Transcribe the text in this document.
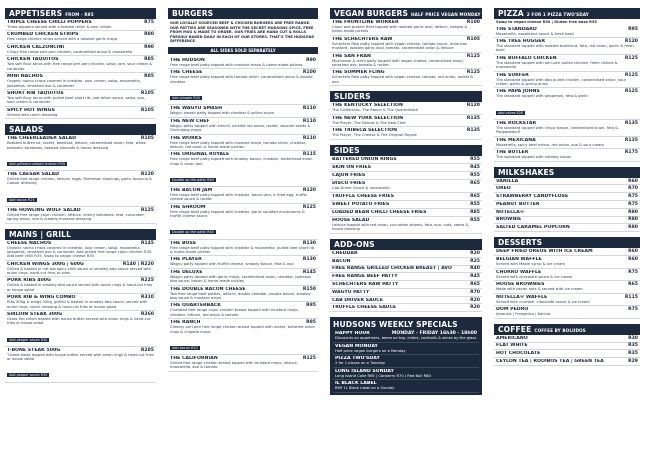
APPETISERS FROM - R85
TRIPLE CHEESE CHILLI POPPERS	R75
Three poppers served with a tomato relish & sour cream
CRUMBED CHICKEN STRIPS	R80
Free range chicken strips served with a roasted garlic mayo
CHICKEN CALZONCINI	R90
Crispy free range peri-peri chicken, caramelised onion & mozzarella
CHICKEN TAQUITOS	R85
Two soft flour tacos with free range peri-peri chicken, salsa, jam, sour cream & coriander
MINI NACHOS	R85
Organic nacho crisps covered in cheddar, sour cream, salsa, mozzarella, jalapeños, smashed avo & coriander
SHORT RIB TAQUITOS	R105
Two soft flour tacos with pulled beef short rib, cab driver sauce, salsa, avo, sour cream & coriander
SPICY HOT WINGS	R105
Served with ranch dressing
SALADS
THE CHEERLEADER SALAD	R105
Roasted butternut, rocket, beetroot, lettuce, caramelised onion, feta, white balsamic tomatoes, toasted almonds & house dressing
Add grilled/crumbed chicken R35
THE CAESAR SALAD	R120
Grilled free range chicken, lettuce, eggs, Parmesan shavings, garlic focaccia & Caesar dressing
Add bacon R25
THE HOWLING WOLF SALAD	R125
Grilled free range cajun chicken, lettuce, cherry tomatoes, feta, cucumber, spring onion, avo & creamy mustard dressing
MAINS | GRILL
CHEESE NACHOS	R145
Organic nacho crisps covered in cheddar, sour cream, salsa, mozzarella, jalapeños, smashed avo & coriander. Add grilled free range cajun chicken R30. Add beef chilli R35. Swap to vegan cheese R30
CHICKEN WINGS 300G | 600G	R140 | R220
Grilled & basted in not too spicy chilli sauce or smokey bbq sauce served with onion rings, hand-cut fries or slaw
PORK RIBS 400G	R225
Grilled & basted in smokey bbq sauce served with onion rings & hand-cut fries or house salad
PORK RIB & WING COMBO	R310
Ribs 400g & wings 300g, grilled & basted in smokey bbq sauce, served with onion rings, ranch dressing & hand-cut fries or house salad
SIRLOIN STEAK 300G	R260
Grass fed sirloin basted with house butter served with onion rings & hand-cut fries or house salad
Add pepper sauce R30
T-BONE STEAK 500G	R285
T-bone steak topped with house butter served with onion rings & hand-cut fries or house salad
Add pepper sauce R30
BURGERS
OUR LOCALLY SOURCED BEEF & CHICKEN BURGERS ARE FREE RANGE. OUR PATTIES ARE SEASONED WITH THE SECRET HUDSONS SPICE, FREE FROM MSG & MADE TO ORDER. OUR FRIES ARE HAND CUT & ROLLS FRESHLY BAKED DAILY IN EACH OF OUR STORES. THAT'S THE HUDSONS DIFFERENCE.
ALL SIDES SOLD SEPARATELY
THE HUDSON	R90
Free range beef patty topped with mustard mayo & home-made pickles
THE CHEESE	R100
Free range beef patty topped with tomato relish, caramelised onion & double cheddar
Add pinaple R20
THE WAGYU SMASH	R110
Wagyu smash patty topped with cheddar & grilled onion
THE NEW CHEF	R110
Wagyu patty topped with kimchi, pickled red onion, rocket, sesame seeds & Gochujang mayo
THE WORKS	R110
Free range beef patty topped with mustard mayo, tomato relish, cheddar, lettuce, red onion & home-made pickles
THE ORIGINAL ROYALE	R115
Free range beef patty topped with smokey bacon, cheddar, butterhead onion rings & onion jam
Double up the patty R40
THE BACON JAM	R120
Free range beef patty topped with cheddar, bacon jam, a fried egg, truffle cheese sauce & rocket
THE SHROOM	R125
Free range beef patty topped with cheddar, garlic sautéed mushrooms & truffle cheese sauce
Double up the patty R45
THE BOSS	R130
Free range beef patty topped with cheddar & mozzarella, pulled beef short rib & home-made pickles
THE PLAYER	R130
Wagyu patty topped with truffle cheese, smokey bacon, feta & avo
THE DELUXE	R145
Wagyu patty topped with garlic mayo, caramelised onion, cheddar, Jameson bbq sauce, bacon & home-made pickles
THE DOUBLE BACON CHEESE	R150
Two free range beef patties, lettuce, double cheddar, double bacon, smokey bbq sauce & mustard mayo
THE QUARTERBACK	R95
Crumbed free range cajun chicken breast topped with mustard mayo, cheddar, lettuce, red onion & tomato
THE RANCH	R95
Creamy peri-peri free range chicken breast topped with rocket, buttered onion rings & chipotle mayo
Add bacon R20
THE CALIFORNIAN	R125
Grilled free range chicken breast topped with mustard mayo, lettuce, mozzarella, avo & tomato
VEGAN BURGERS HALF PRICE VEGAN MONDAY
THE FRONTLINE WORKER	R100
Cajun pea protein fillet topped with roasted garlic aioli, lettuce, tomato & home-made pickles
THE SCHECHTERS RAW	R105
Schecters Raw patty topped with vegan cheese, tomato sauce, American mustard, roasted garlic aioli, tomato, caramelised onion & lettuce
THE SAN FRAN	R125
Mushroom & lentil patty topped with vegan cheese, caramelised onion, smashed avo, tomato & rocket
THE SUMMER FLING	R125
Schecters Raw patty topped with vegan cheese, tomato, red onion, rocket & avo
SLIDERS
THE KENTUCKY SELECTION	R120
The Californian, The Ranch & The Quarterback
THE NEW YORK SELECTION	R135
The Player, The Deluxe & The New Chef
THE TRIBECA SELECTION	R135
The Player, The Cheese & The Original Royale
SIDES
BATTERED ONION RINGS	R55
SKIN ON FRIES	R45
CAJUN FRIES	R55
DISCO FRIES	R65
Cab-Driver Sauce & mozzarella
TRUFFLE CHEESE FRIES	R65
SWEET POTATO FRIES	R55
LOADED BEAN CHILLI CHEESE FRIES	R85
HOUSE SALAD	R55
Lettuce topped with red onion, cucumber wheels, feta, avo, nuts, seeds & house dressing
ADD-ONS
CHEDDAR	R20
BACON	R25
FREE RANGE GRILLED CHICKEN BREAST | AVO	R40
FREE RANGE BEEF PATTY	R45
SCHECHTERS RAW PATTY	R65
WAGYU PATTY	R70
CAB DRIVER SAUCE	R20
TRUFFLE CHEESE SAUCE	R20
HUDSONS WEEKLY SPECIALS
HAPPY HOUR	MONDAY - FRIDAY 16h30 - 18h00
Discounts on appetisers, beers on tap, ciders, cocktails & wines by the glass
VEGAN MONDAY
Half price vegan burgers on a Monday
PIZZA TWO'SDAY
2 for 1 pizzas on a Tuesday
LONG ISLAND SUNDAY
Long Island Coke R65 | Canberry R70 | Red Bull R80
IL BLACK LABEL
R69 1L Black Label on a Sunday
PIZZA 2 FOR 1 PIZZA TWO'SDAY
Swap to vegan cheese R30 | Gluten free base R35
THE STANDARD	R95
Mozzarella, napolitana sauce & fresh basil
THE TREE HUGGER	R120
The standard topped with roasted butternut, feta, red onion, garlic & fresh basil
THE BUFFALO CHICKEN	R125
The standard topped with peri-peri pulled chicken, fresh chillies & mozzarella
THE SURFER	R125
The standard topped with bbq pulled chicken, caramelised onion, sour cream, garlic & spring onion
THE PAPA JOHNS	R125
The standard topped with pepperoni, feta & garlic
Add olives R20
THE ROCKSTAR	R135
The standard topped with crispy bacon, caramelised onion, feta & Peppadews®
THE MEXICANA	R135
Mozzarella, spicy beef mince, red onion, avo & sour cream
THE BUTLER	R175
The standard topped with smokey bacon
MILKSHAKES
VANILLA	R60
OREO	R70
STRAWBERRY CANDYFLOSS	R75
PEANUT BUTTER	R75
NUTELLA®	R80
BROWNIE	R80
SALTED CARAMEL POPCORN	R80
DESSERTS
DEEP FRIED OREOS WITH ICE CREAM	R60
BELGIAN WAFFLE	R60
Served with Maple syrup & ice cream
CHURRO WAFFLE	R75
Served with chocolate sauce & ice cream
HOUSE BROWNIES	R65
Made with pecan nuts & served with ice cream
NUTELLA® WAFFLE	R115
Served with crumble, chocolate sauce & ice cream
DOM PEDRO	R75
Amarula | Frangelico | Kahlua
COFFEE COFFEE BY BOLUDOS
AMERICANO	R30
FLAT WHITE	R35
HOT CHOCOLATE	R35
CEYLON TEA | ROOIBOS TEA | GREEN TEA	R29
